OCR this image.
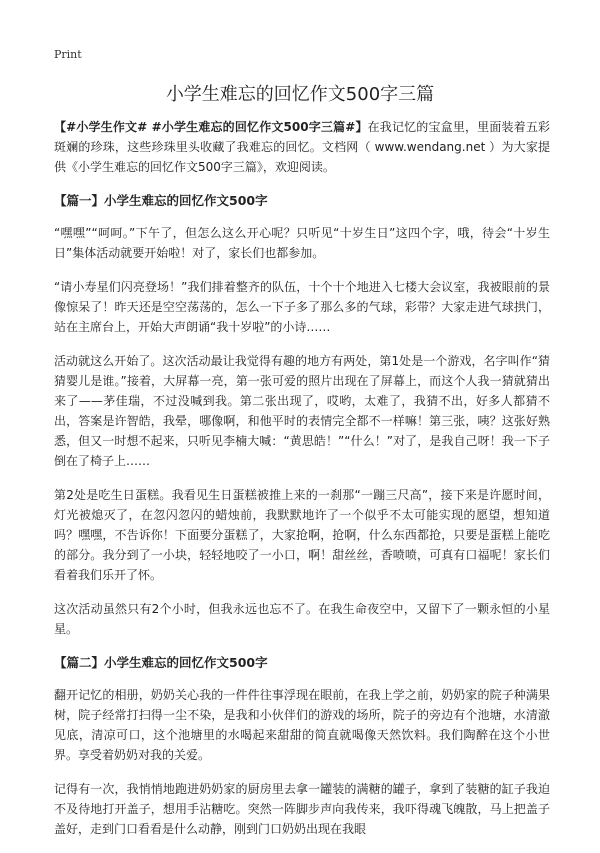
Print
小学生难忘的回忆作文500字三篇

【#小学生作文# #小学生难忘的回忆作文500字三篇#】在我记忆的宝盒里，里面装着五彩斑斓的珍珠，这些珍珠里头收藏了我难忘的回忆。文档网（ www.wendang.net ）为大家提供《小学生难忘的回忆作文500字三篇》，欢迎阅读。

【篇一】小学生难忘的回忆作文500字

“嘿嘿”“呵呵。”下午了，但怎么这么开心呢？只听见“十岁生日”这四个字，哦，待会“十岁生日”集体活动就要开始啦！对了，家长们也都参加。

“请小寿星们闪亮登场！”我们排着整齐的队伍，十个十个地进入七楼大会议室，我被眼前的景像惊呆了！昨天还是空空荡荡的，怎么一下子多了那么多的气球，彩带？大家走进气球拱门，站在主席台上，开始大声朗诵“我十岁啦”的小诗……

活动就这么开始了。这次活动最让我觉得有趣的地方有两处，第1处是一个游戏，名字叫作“猜猜婴儿是谁。”接着，大屏幕一亮，第一张可爱的照片出现在了屏幕上，而这个人我一猜就猜出来了——茅佳瑞，不过没喊到我。第二张出现了，哎哟，太难了，我猜不出，好多人都猜不出，答案是许智皓，我晕，哪像啊，和他平时的表情完全都不一样嘛！第三张，咦？这张好熟悉，但又一时想不起来，只听见李楠大喊：“黄思皓！”“什么！”对了，是我自己呀！我一下子倒在了椅子上……

第2处是吃生日蛋糕。我看见生日蛋糕被推上来的一刹那“一蹦三尺高”，接下来是许愿时间，灯光被熄灭了，在忽闪忽闪的蜡烛前，我默默地许了一个似乎不太可能实现的愿望，想知道吗？嘿嘿，不告诉你！下面要分蛋糕了，大家抢啊，抢啊，什么东西都抢，只要是蛋糕上能吃的部分。我分到了一小块，轻轻地咬了一小口，啊！甜丝丝，香喷喷，可真有口福呢！家长们看着我们乐开了怀。

这次活动虽然只有2个小时，但我永远也忘不了。在我生命夜空中，又留下了一颗永恒的小星星。

【篇二】小学生难忘的回忆作文500字

翻开记忆的相册，奶奶关心我的一件件往事浮现在眼前，在我上学之前，奶奶家的院子种满果树，院子经常打扫得一尘不染，是我和小伙伴们的游戏的场所，院子的旁边有个池塘，水清澈见底，清凉可口，这个池塘里的水喝起来甜甜的简直就喝像天然饮料。我们陶醉在这个小世界。享受着奶奶对我的关爱。

记得有一次，我悄悄地跑进奶奶家的厨房里去拿一罐装的满糖的罐子，拿到了装糖的缸子我迫不及待地打开盖子，想用手沾糖吃。突然一阵脚步声向我传来，我吓得魂飞魄散，马上把盖子盖好，走到门口看看是什么动静，刚到门口奶奶出现在我眼
